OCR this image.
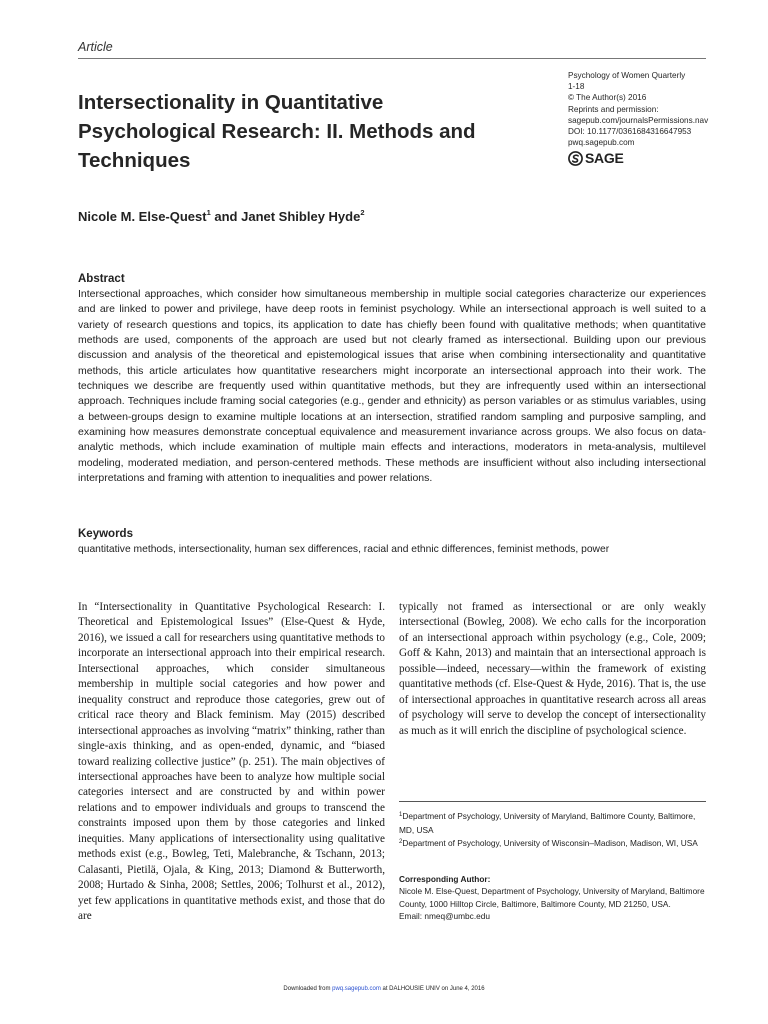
Article
Intersectionality in Quantitative Psychological Research: II. Methods and Techniques
Psychology of Women Quarterly
1-18
© The Author(s) 2016
Reprints and permission:
sagepub.com/journalsPermissions.nav
DOI: 10.1177/0361684316647953
pwq.sagepub.com
SAGE
Nicole M. Else-Quest$^1$ and Janet Shibley Hyde$^2$
Abstract

Intersectional approaches, which consider how simultaneous membership in multiple social categories characterize our experiences and are linked to power and privilege, have deep roots in feminist psychology. While an intersectional approach is well suited to a variety of research questions and topics, its application to date has chiefly been found with qualitative methods; when quantitative methods are used, components of the approach are used but not clearly framed as intersectional. Building upon our previous discussion and analysis of the theoretical and epistemological issues that arise when combining intersectionality and quantitative methods, this article articulates how quantitative researchers might incorporate an intersectional approach into their work. The techniques we describe are frequently used within quantitative methods, but they are infrequently used within an intersectional approach. Techniques include framing social categories (e.g., gender and ethnicity) as person variables or as stimulus variables, using a between-groups design to examine multiple locations at an intersection, stratified random sampling and purposive sampling, and examining how measures demonstrate conceptual equivalence and measurement invariance across groups. We also focus on data-analytic methods, which include examination of multiple main effects and interactions, moderators in meta-analysis, multilevel modeling, moderated mediation, and person-centered methods. These methods are insufficient without also including intersectional interpretations and framing with attention to inequalities and power relations.

Keywords
quantitative methods, intersectionality, human sex differences, racial and ethnic differences, feminist methods, power

In “Intersectionality in Quantitative Psychological Research: I. Theoretical and Epistemological Issues” (Else-Quest & Hyde, 2016), we issued a call for researchers using quantitative methods to incorporate an intersectional approach into their empirical research. Intersectional approaches, which consider simultaneous membership in multiple social categories and how power and inequality construct and reproduce those categories, grew out of critical race theory and Black feminism. May (2015) described intersectional approaches as involving “matrix” thinking, rather than single-axis thinking, and as open-ended, dynamic, and “biased toward realizing collective justice” (p. 251). The main objectives of intersectional approaches have been to analyze how multiple social categories intersect and are constructed by and within power relations and to empower individuals and groups to transcend the constraints imposed upon them by those categories and linked inequities. Many applications of intersectionality using qualitative methods exist (e.g., Bowleg, Teti, Malebranche, & Tschann, 2013; Calasanti, Pietilä, Ojala, & King, 2013; Diamond & Butterworth, 2008; Hurtado & Sinha, 2008; Settles, 2006; Tolhurst et al., 2012), yet few applications in quantitative methods exist, and those that do are

typically not framed as intersectional or are only weakly intersectional (Bowleg, 2008). We echo calls for the incorporation of an intersectional approach within psychology (e.g., Cole, 2009; Goff & Kahn, 2013) and maintain that an intersectional approach is possible—indeed, necessary—within the framework of existing quantitative methods (cf. Else-Quest & Hyde, 2016). That is, the use of intersectional approaches in quantitative research across all areas of psychology will serve to develop the concept of intersectionality as much as it will enrich the discipline of psychological science.

$^1$Department of Psychology, University of Maryland, Baltimore County, Baltimore, MD, USA

$^2$Department of Psychology, University of Wisconsin–Madison, Madison, WI, USA

Corresponding Author:
Nicole M. Else-Quest, Department of Psychology, University of Maryland, Baltimore County, 1000 Hilltop Circle, Baltimore, Baltimore County, MD 21250, USA.
Email: nmeq@umbc.edu
Downloaded from pwq.sagepub.com at DALHOUSIE UNIV on June 4, 2016
